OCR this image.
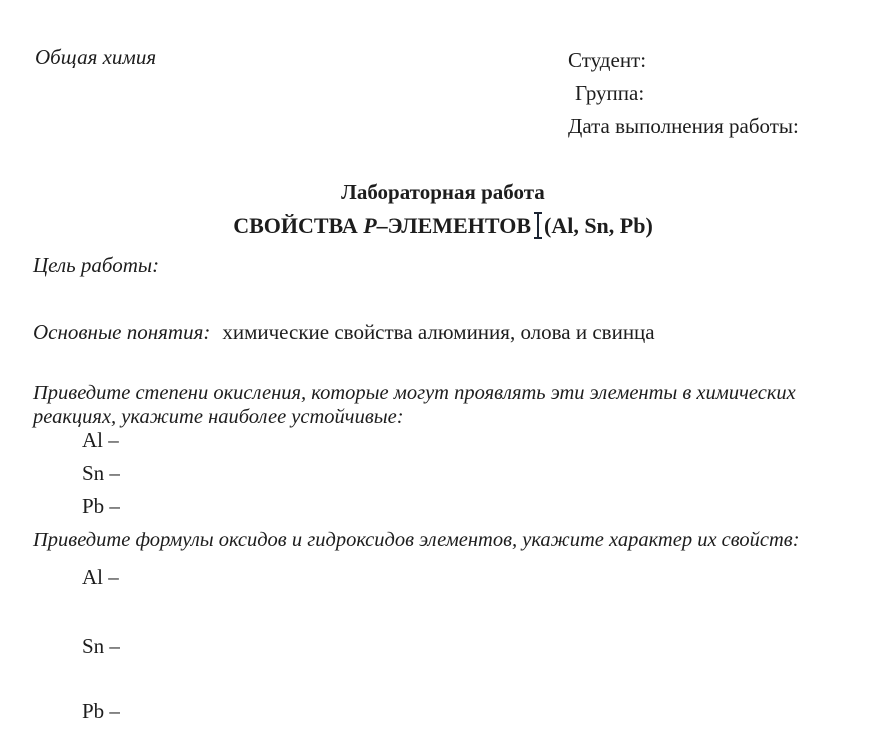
Общая химия	Студент:
Группа:
Дата выполнения работы:
Лабораторная работа
СВОЙСТВА P–ЭЛЕМЕНТОВ (Al, Sn, Pb)
Цель работы:
Основные понятия: химические свойства алюминия, олова и свинца

Приведите степени окисления, которые могут проявлять эти элементы в химических реакциях, укажите наиболее устойчивые:

Al –
Sn –
Pb –

Приведите формулы оксидов и гидроксидов элементов, укажите характер их свойств:

Al –
Sn –
Pb –
